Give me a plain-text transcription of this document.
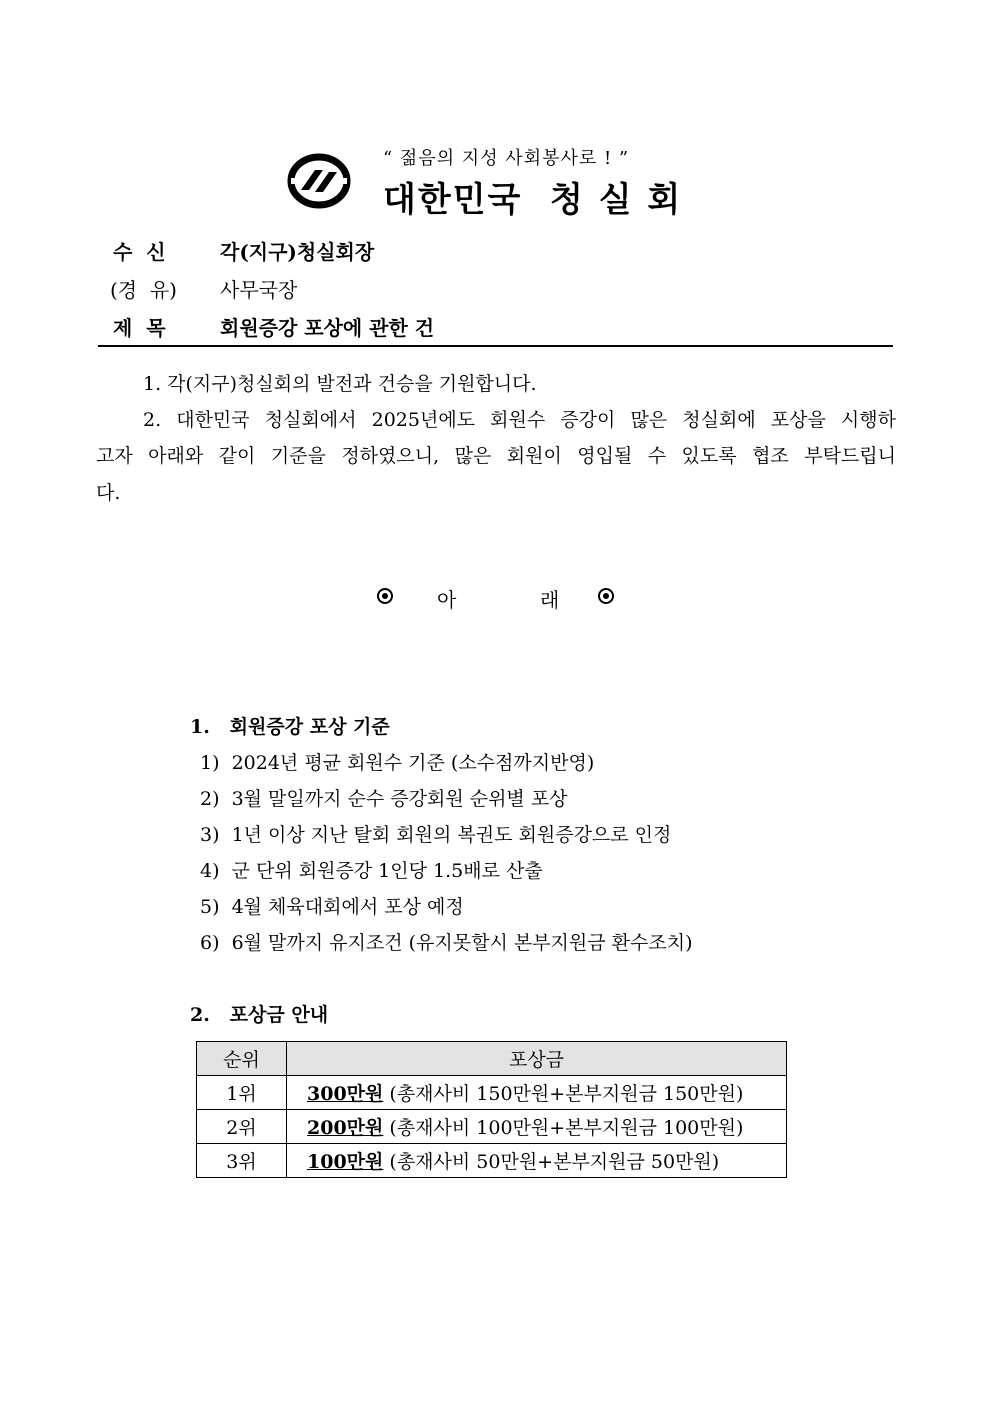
“ 젊음의 지성 사회봉사로 ! ”
대한민국  청 실 회
수  신	각(지구)청실회장
(경  유) 사무국장
제  목	회원증강 포상에 관한 건
1. 각(지구)청실회의 발전과 건승을 기원합니다.
2. 대한민국 청실회에서 2025년에도 회원수 증강이 많은 청실회에 포상을 시행하
고자 아래와 같이 기준을 정하였으니, 많은 회원이 영입될 수 있도록 협조 부탁드립니
다.
아	래
1.   회원증강 포상 기준
1)  2024년 평균 회원수 기준 (소수점까지반영)
2)  3월 말일까지 순수 증강회원 순위별 포상
3)  1년 이상 지난 탈회 회원의 복권도 회원증강으로 인정
4)  군 단위 회원증강 1인당 1.5배로 산출
5)  4월 체육대회에서 포상 예정
6)  6월 말까지 유지조건 (유지못할시 본부지원금 환수조치)
2.   포상금 안내
순위	포상금
1위	300만원 (총재사비 150만원+본부지원금 150만원)
2위	200만원 (총재사비 100만원+본부지원금 100만원)
3위	100만원 (총재사비 50만원+본부지원금 50만원)
